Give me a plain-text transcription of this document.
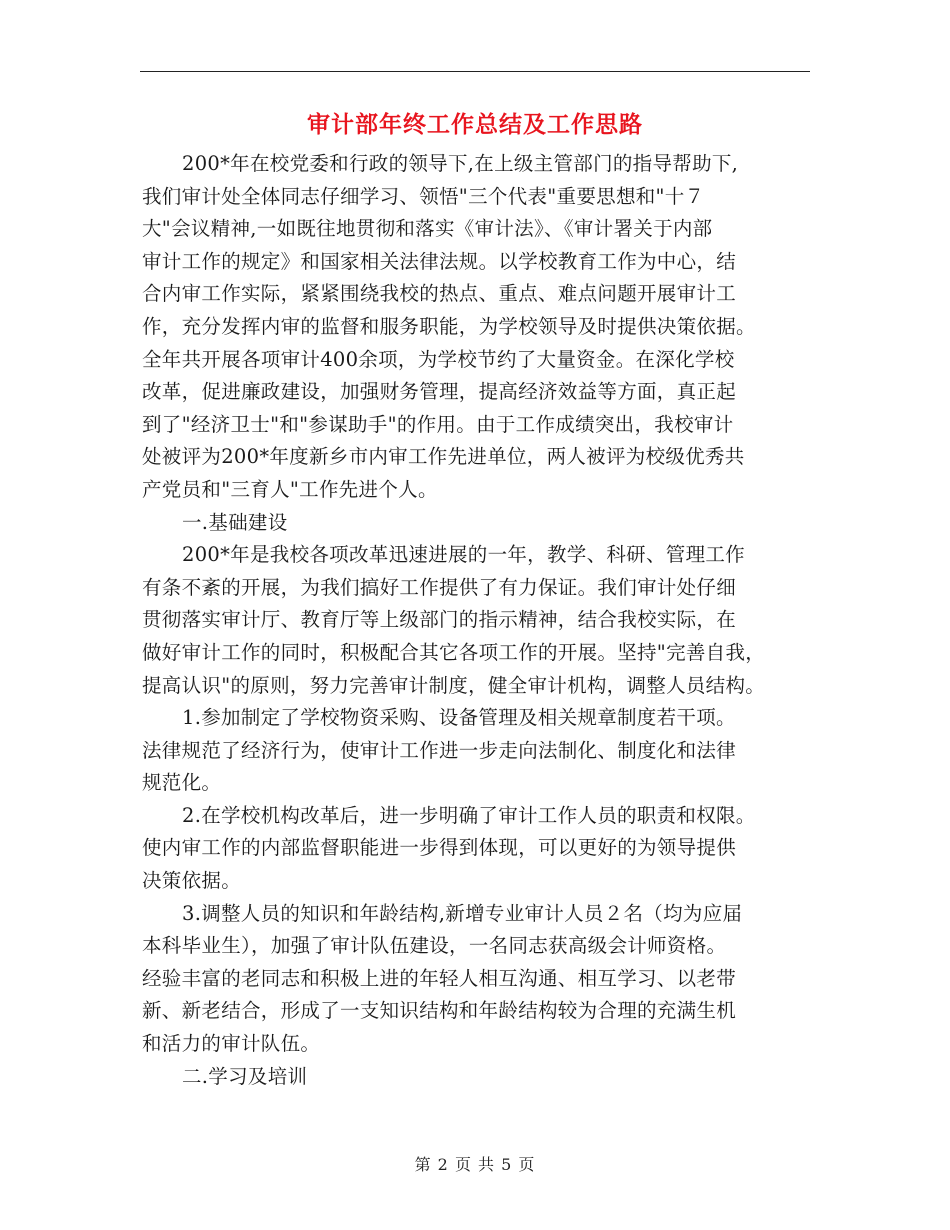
审计部年终工作总结及工作思路
200*年在校党委和行政的领导下,在上级主管部门的指导帮助下,
我们审计处全体同志仔细学习、领悟"三个代表"重要思想和"十７
大"会议精神,一如既往地贯彻和落实《审计法》、《审计署关于内部
审计工作的规定》和国家相关法律法规。以学校教育工作为中心，结
合内审工作实际，紧紧围绕我校的热点、重点、难点问题开展审计工
作，充分发挥内审的监督和服务职能，为学校领导及时提供决策依据。
全年共开展各项审计400余项，为学校节约了大量资金。在深化学校
改革，促进廉政建设，加强财务管理，提高经济效益等方面，真正起
到了"经济卫士"和"参谋助手"的作用。由于工作成绩突出，我校审计
处被评为200*年度新乡市内审工作先进单位，两人被评为校级优秀共
产党员和"三育人"工作先进个人。
一.基础建设
200*年是我校各项改革迅速进展的一年，教学、科研、管理工作
有条不紊的开展，为我们搞好工作提供了有力保证。我们审计处仔细
贯彻落实审计厅、教育厅等上级部门的指示精神，结合我校实际，在
做好审计工作的同时，积极配合其它各项工作的开展。坚持"完善自我，
提高认识"的原则，努力完善审计制度，健全审计机构，调整人员结构。
1.参加制定了学校物资采购、设备管理及相关规章制度若干项。
法律规范了经济行为，使审计工作进一步走向法制化、制度化和法律
规范化。
2.在学校机构改革后，进一步明确了审计工作人员的职责和权限。
使内审工作的内部监督职能进一步得到体现，可以更好的为领导提供
决策依据。
3.调整人员的知识和年龄结构,新增专业审计人员２名（均为应届
本科毕业生），加强了审计队伍建设，一名同志获高级会计师资格。
经验丰富的老同志和积极上进的年轻人相互沟通、相互学习、以老带
新、新老结合，形成了一支知识结构和年龄结构较为合理的充满生机
和活力的审计队伍。
二.学习及培训
第 2 页 共 5 页
